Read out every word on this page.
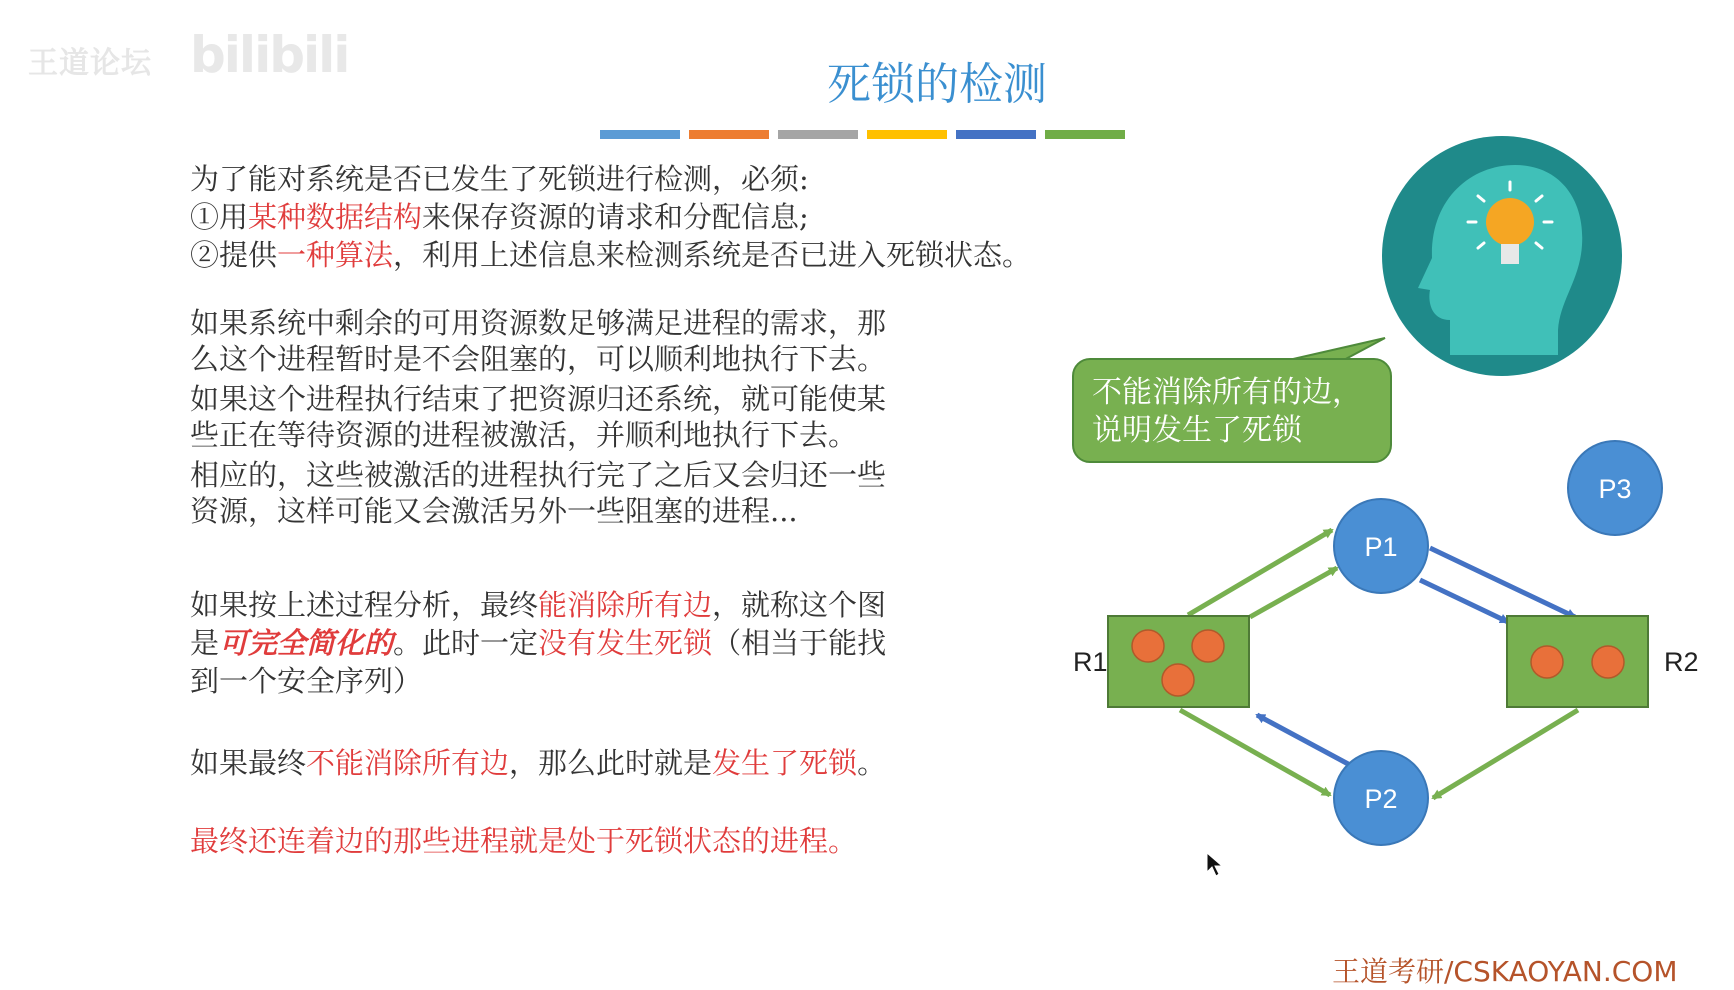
王道论坛 bilibili
死锁的检测
为了能对系统是否已发生了死锁进行检测，必须:
①用某种数据结构来保存资源的请求和分配信息;
②提供一种算法，利用上述信息来检测系统是否已进入死锁状态。
如果系统中剩余的可用资源数足够满足进程的需求，那
么这个进程暂时是不会阻塞的，可以顺利地执行下去。
如果这个进程执行结束了把资源归还系统，就可能使某
些正在等待资源的进程被激活，并顺利地执行下去。
相应的，这些被激活的进程执行完了之后又会归还一些
资源，这样可能又会激活另外一些阻塞的进程...
如果按上述过程分析，最终能消除所有边，就称这个图
是可完全简化的。此时一定没有发生死锁（相当于能找
到一个安全序列）
如果最终不能消除所有边，那么此时就是发生了死锁。
最终还连着边的那些进程就是处于死锁状态的进程。
R1	R2
P1
P2
P3
不能消除所有的边，
说明发生了死锁
王道考研/CSKAOYAN.COM
